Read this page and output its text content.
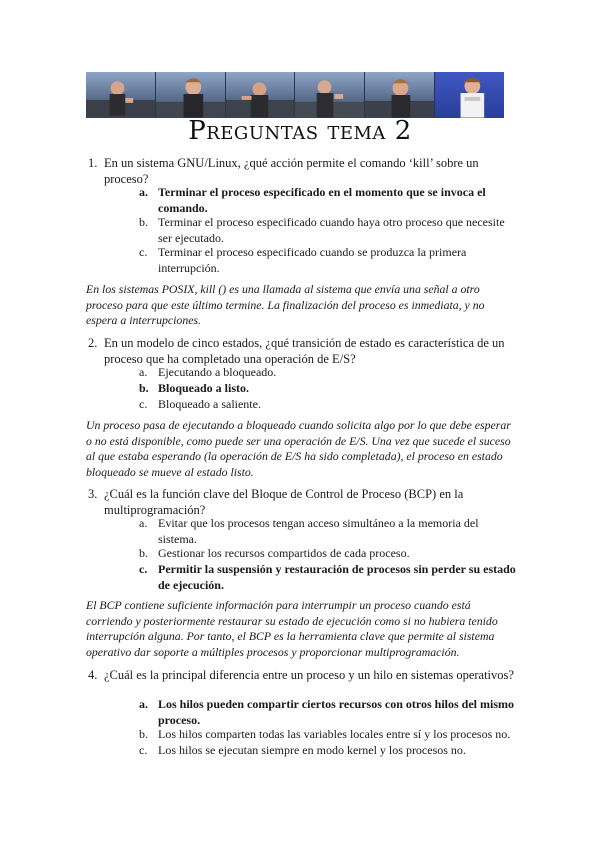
Preguntas tema 2
1. En un sistema GNU/Linux, ¿qué acción permite el comando ‘kill’ sobre un proceso?
a. Terminar el proceso especificado en el momento que se invoca el comando.
b. Terminar el proceso especificado cuando haya otro proceso que necesite ser ejecutado.
c. Terminar el proceso especificado cuando se produzca la primera interrupción.
En los sistemas POSIX, kill () es una llamada al sistema que envía una señal a otro proceso para que este último termine. La finalización del proceso es inmediata, y no espera a interrupciones.
2. En un modelo de cinco estados, ¿qué transición de estado es característica de un proceso que ha completado una operación de E/S?
a. Ejecutando a bloqueado.
b. Bloqueado a listo.
c. Bloqueado a saliente.
Un proceso pasa de ejecutando a bloqueado cuando solicita algo por lo que debe esperar o no está disponible, como puede ser una operación de E/S. Una vez que sucede el suceso al que estaba esperando (la operación de E/S ha sido completada), el proceso en estado bloqueado se mueve al estado listo.
3. ¿Cuál es la función clave del Bloque de Control de Proceso (BCP) en la multiprogramación?
a. Evitar que los procesos tengan acceso simultáneo a la memoria del sistema.
b. Gestionar los recursos compartidos de cada proceso.
c. Permitir la suspensión y restauración de procesos sin perder su estado de ejecución.
El BCP contiene suficiente información para interrumpir un proceso cuando está corriendo y posteriormente restaurar su estado de ejecución como si no hubiera tenido interrupción alguna. Por tanto, el BCP es la herramienta clave que permite al sistema operativo dar soporte a múltiples procesos y proporcionar multiprogramación.
4. ¿Cuál es la principal diferencia entre un proceso y un hilo en sistemas operativos?
a. Los hilos pueden compartir ciertos recursos con otros hilos del mismo proceso.
b. Los hilos comparten todas las variables locales entre sí y los procesos no.
c. Los hilos se ejecutan siempre en modo kernel y los procesos no.
